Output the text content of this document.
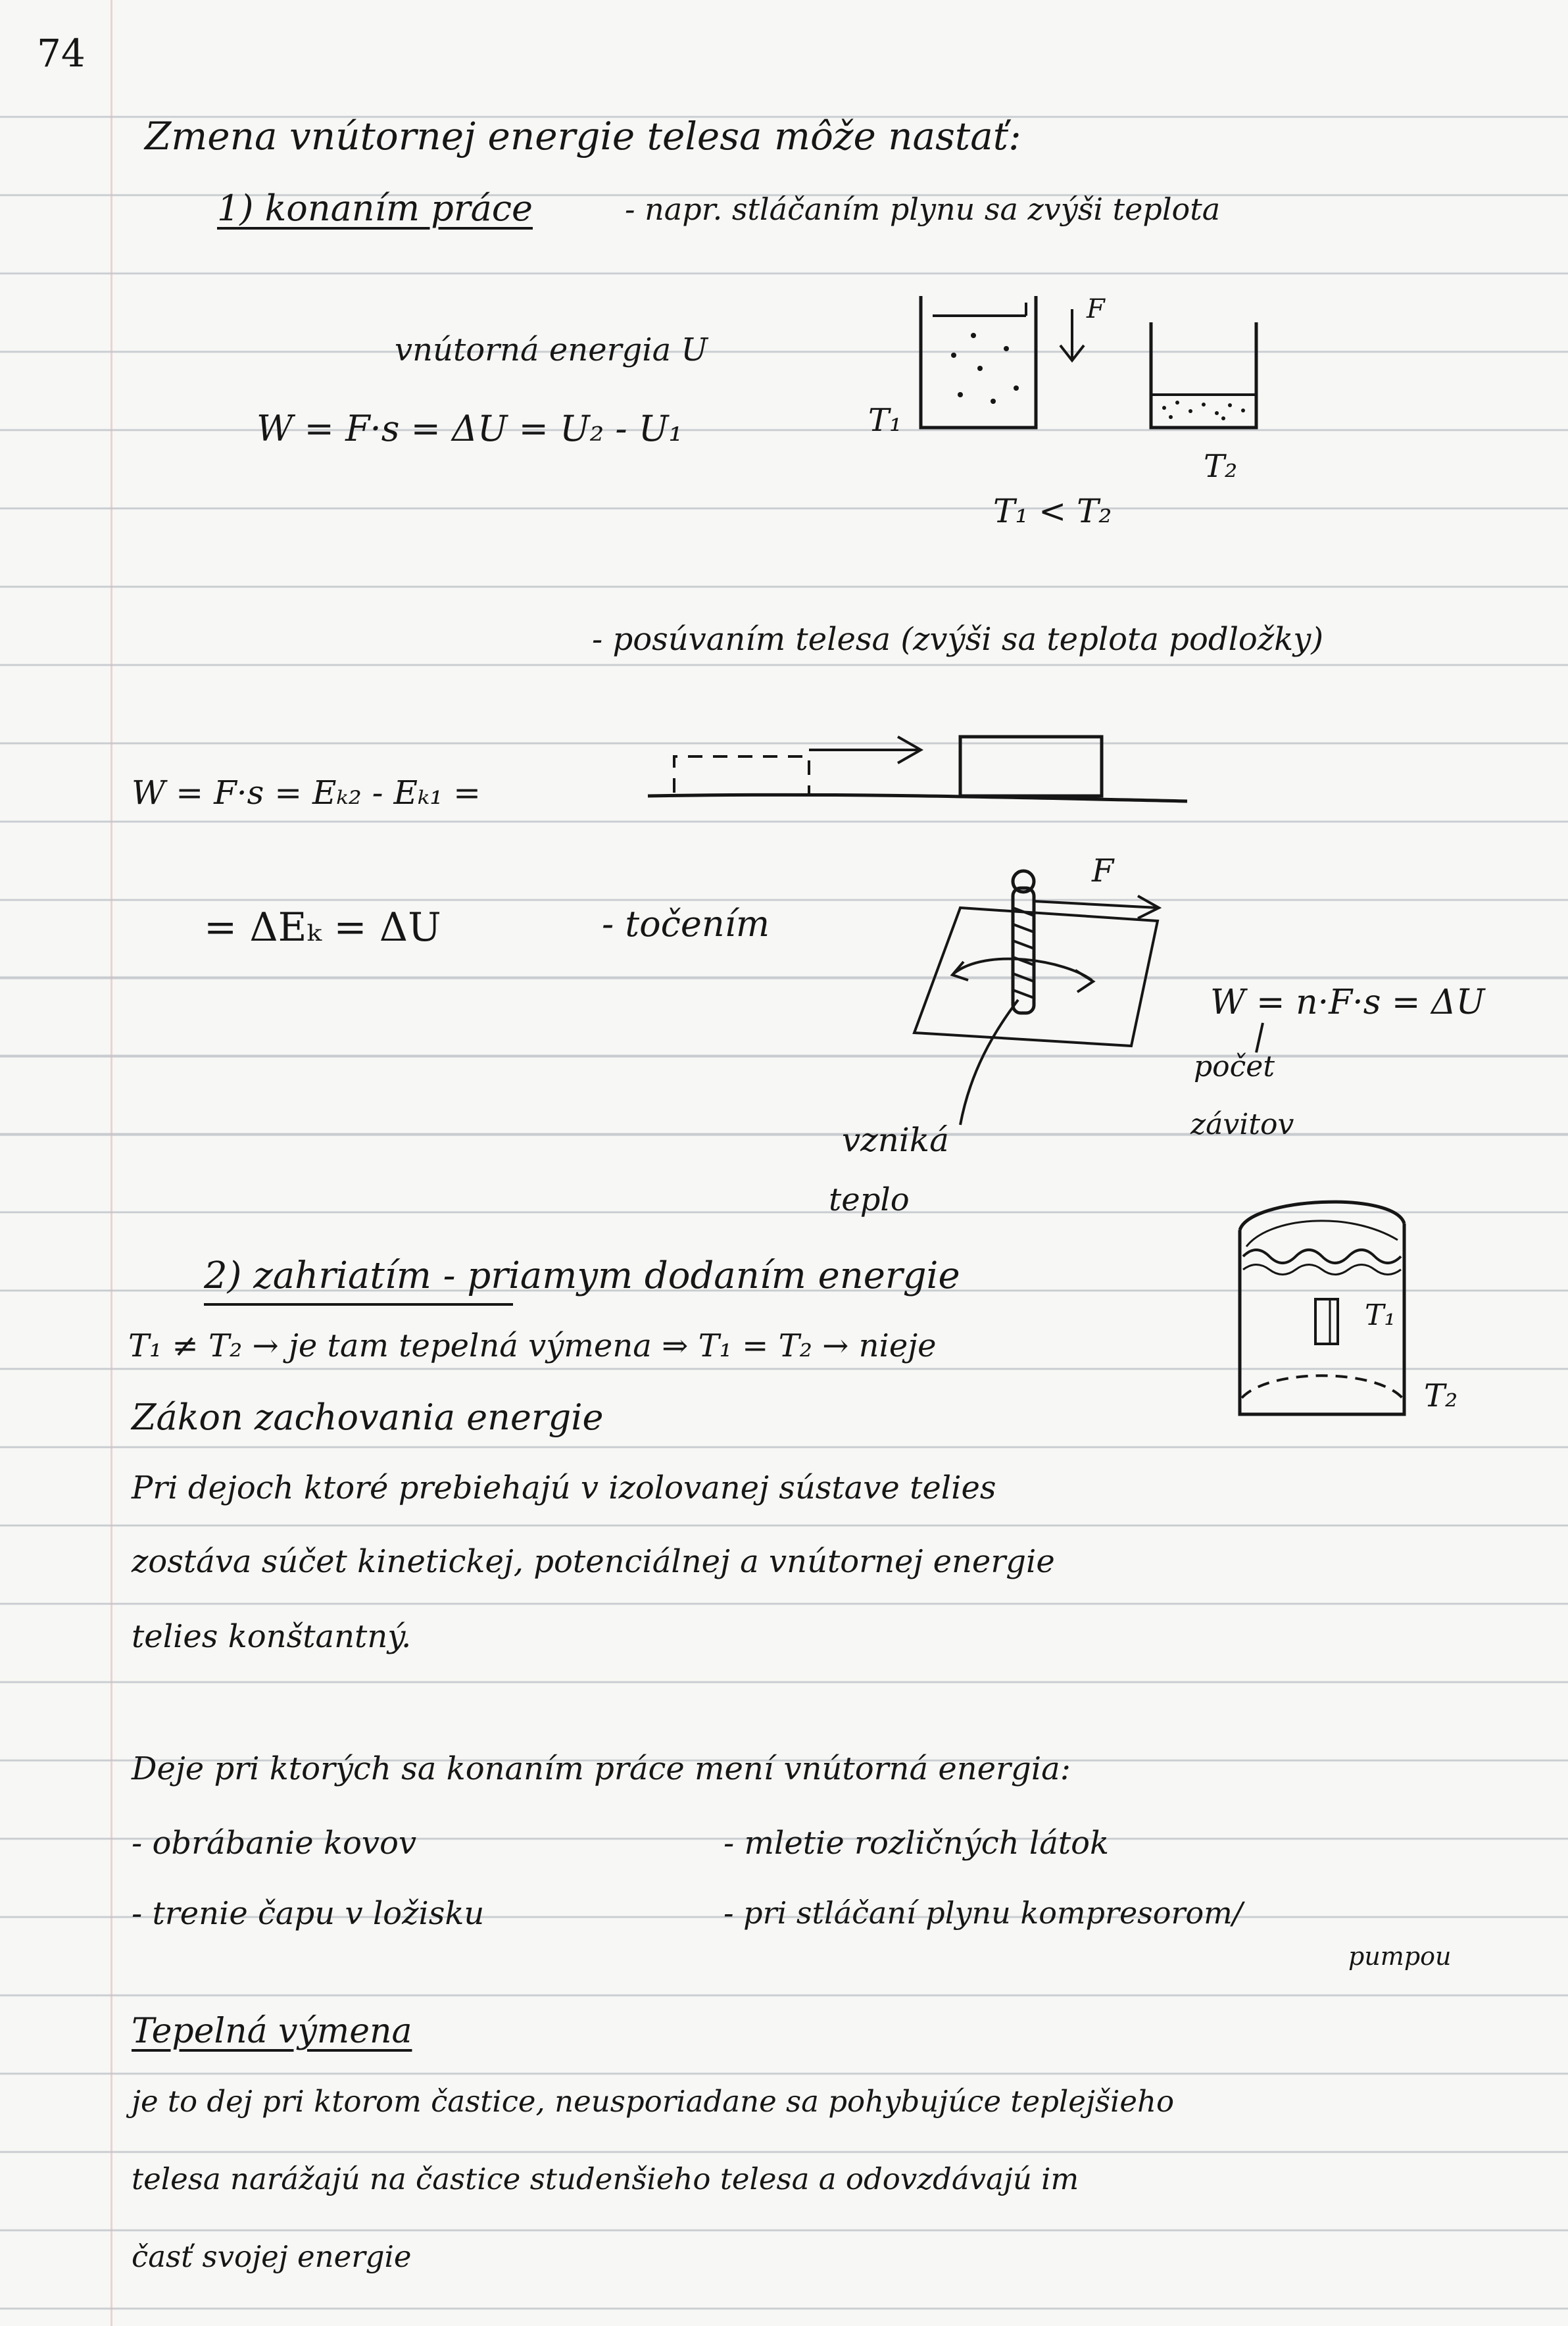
74
Zmena vnútornej energie telesa môže nastať:
1) konaním práce	- napr. stláčaním plynu sa zvýši teplota
vnútorná energia U
W = F·s = ΔU = U₂ - U₁	T₁
F
T₂
T₁ < T₂
- posúvaním telesa (zvýši sa teplota podložky)
W = F·s = Eₖ₂ - Eₖ₁ =
= ΔEₖ = ΔU	- točením
F
W = n·F·s = ΔU
počet
závitov
vzniká
teplo
2) zahriatím - priamym dodaním energie
T₁ ≠ T₂ → je tam tepelná výmena ⇒ T₁ = T₂ → nieje
T₁
T₂
Zákon zachovania energie
Pri dejoch ktoré prebiehajú v izolovanej sústave telies
zostáva súčet kinetickej, potenciálnej a vnútornej energie
telies konštantný.
Deje pri ktorých sa konaním práce mení vnútorná energia:
- obrábanie kovov	- mletie rozličných látok
- trenie čapu v ložisku	- pri stláčaní plynu kompresorom/
pumpou
Tepelná výmena
je to dej pri ktorom častice, neusporiadane sa pohybujúce teplejšieho
telesa narážajú na častice studenšieho telesa a odovzdávajú im
časť svojej energie
